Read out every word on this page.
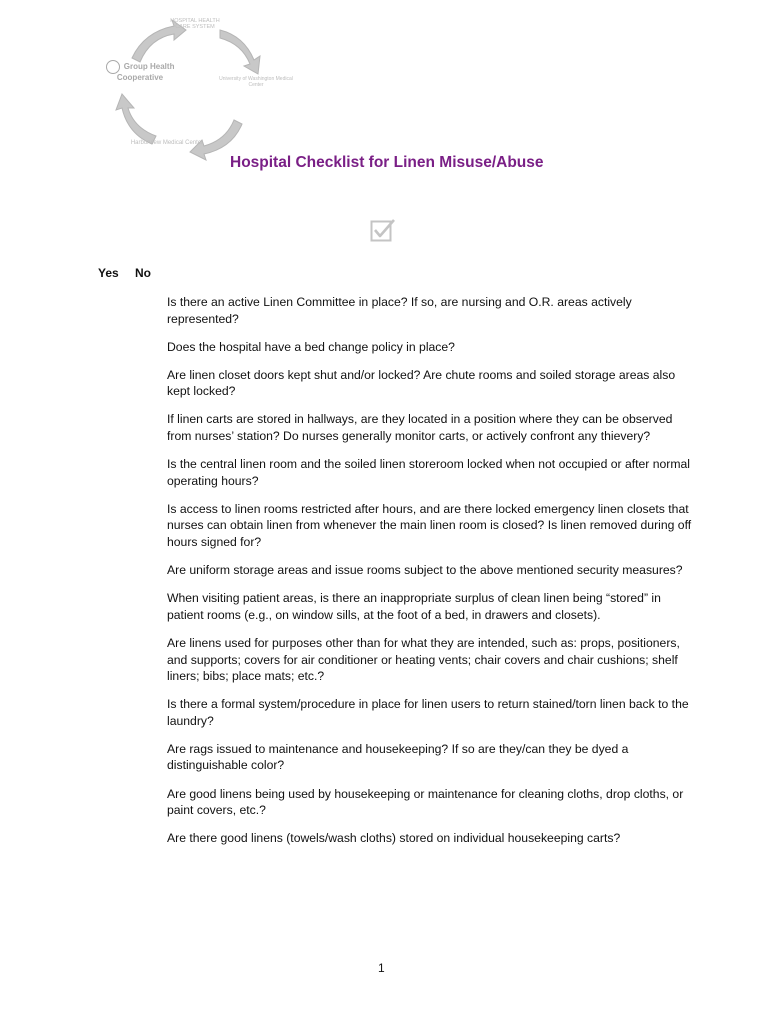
HOSPITAL HEALTH CARE SYSTEM
University of Washington Medical Center
Harborview Medical Center
Group Health Cooperative
Hospital Checklist for Linen Misuse/Abuse
Yes No
Is there an active Linen Committee in place? If so, are nursing and O.R. areas actively represented?
Does the hospital have a bed change policy in place?
Are linen closet doors kept shut and/or locked? Are chute rooms and soiled storage areas also kept locked?
If linen carts are stored in hallways, are they located in a position where they can be observed from nurses’ station? Do nurses generally monitor carts, or actively confront any thievery?
Is the central linen room and the soiled linen storeroom locked when not occupied or after normal operating hours?
Is access to linen rooms restricted after hours, and are there locked emergency linen closets that nurses can obtain linen from whenever the main linen room is closed? Is linen removed during off hours signed for?
Are uniform storage areas and issue rooms subject to the above mentioned security measures?
When visiting patient areas, is there an inappropriate surplus of clean linen being “stored” in patient rooms (e.g., on window sills, at the foot of a bed, in drawers and closets).
Are linens used for purposes other than for what they are intended, such as: props, positioners, and supports; covers for air conditioner or heating vents; chair covers and chair cushions; shelf liners; bibs; place mats; etc.?
Is there a formal system/procedure in place for linen users to return stained/torn linen back to the laundry?
Are rags issued to maintenance and housekeeping? If so are they/can they be dyed a distinguishable color?
Are good linens being used by housekeeping or maintenance for cleaning cloths, drop cloths, or paint covers, etc.?
Are there good linens (towels/wash cloths) stored on individual housekeeping carts?
1
